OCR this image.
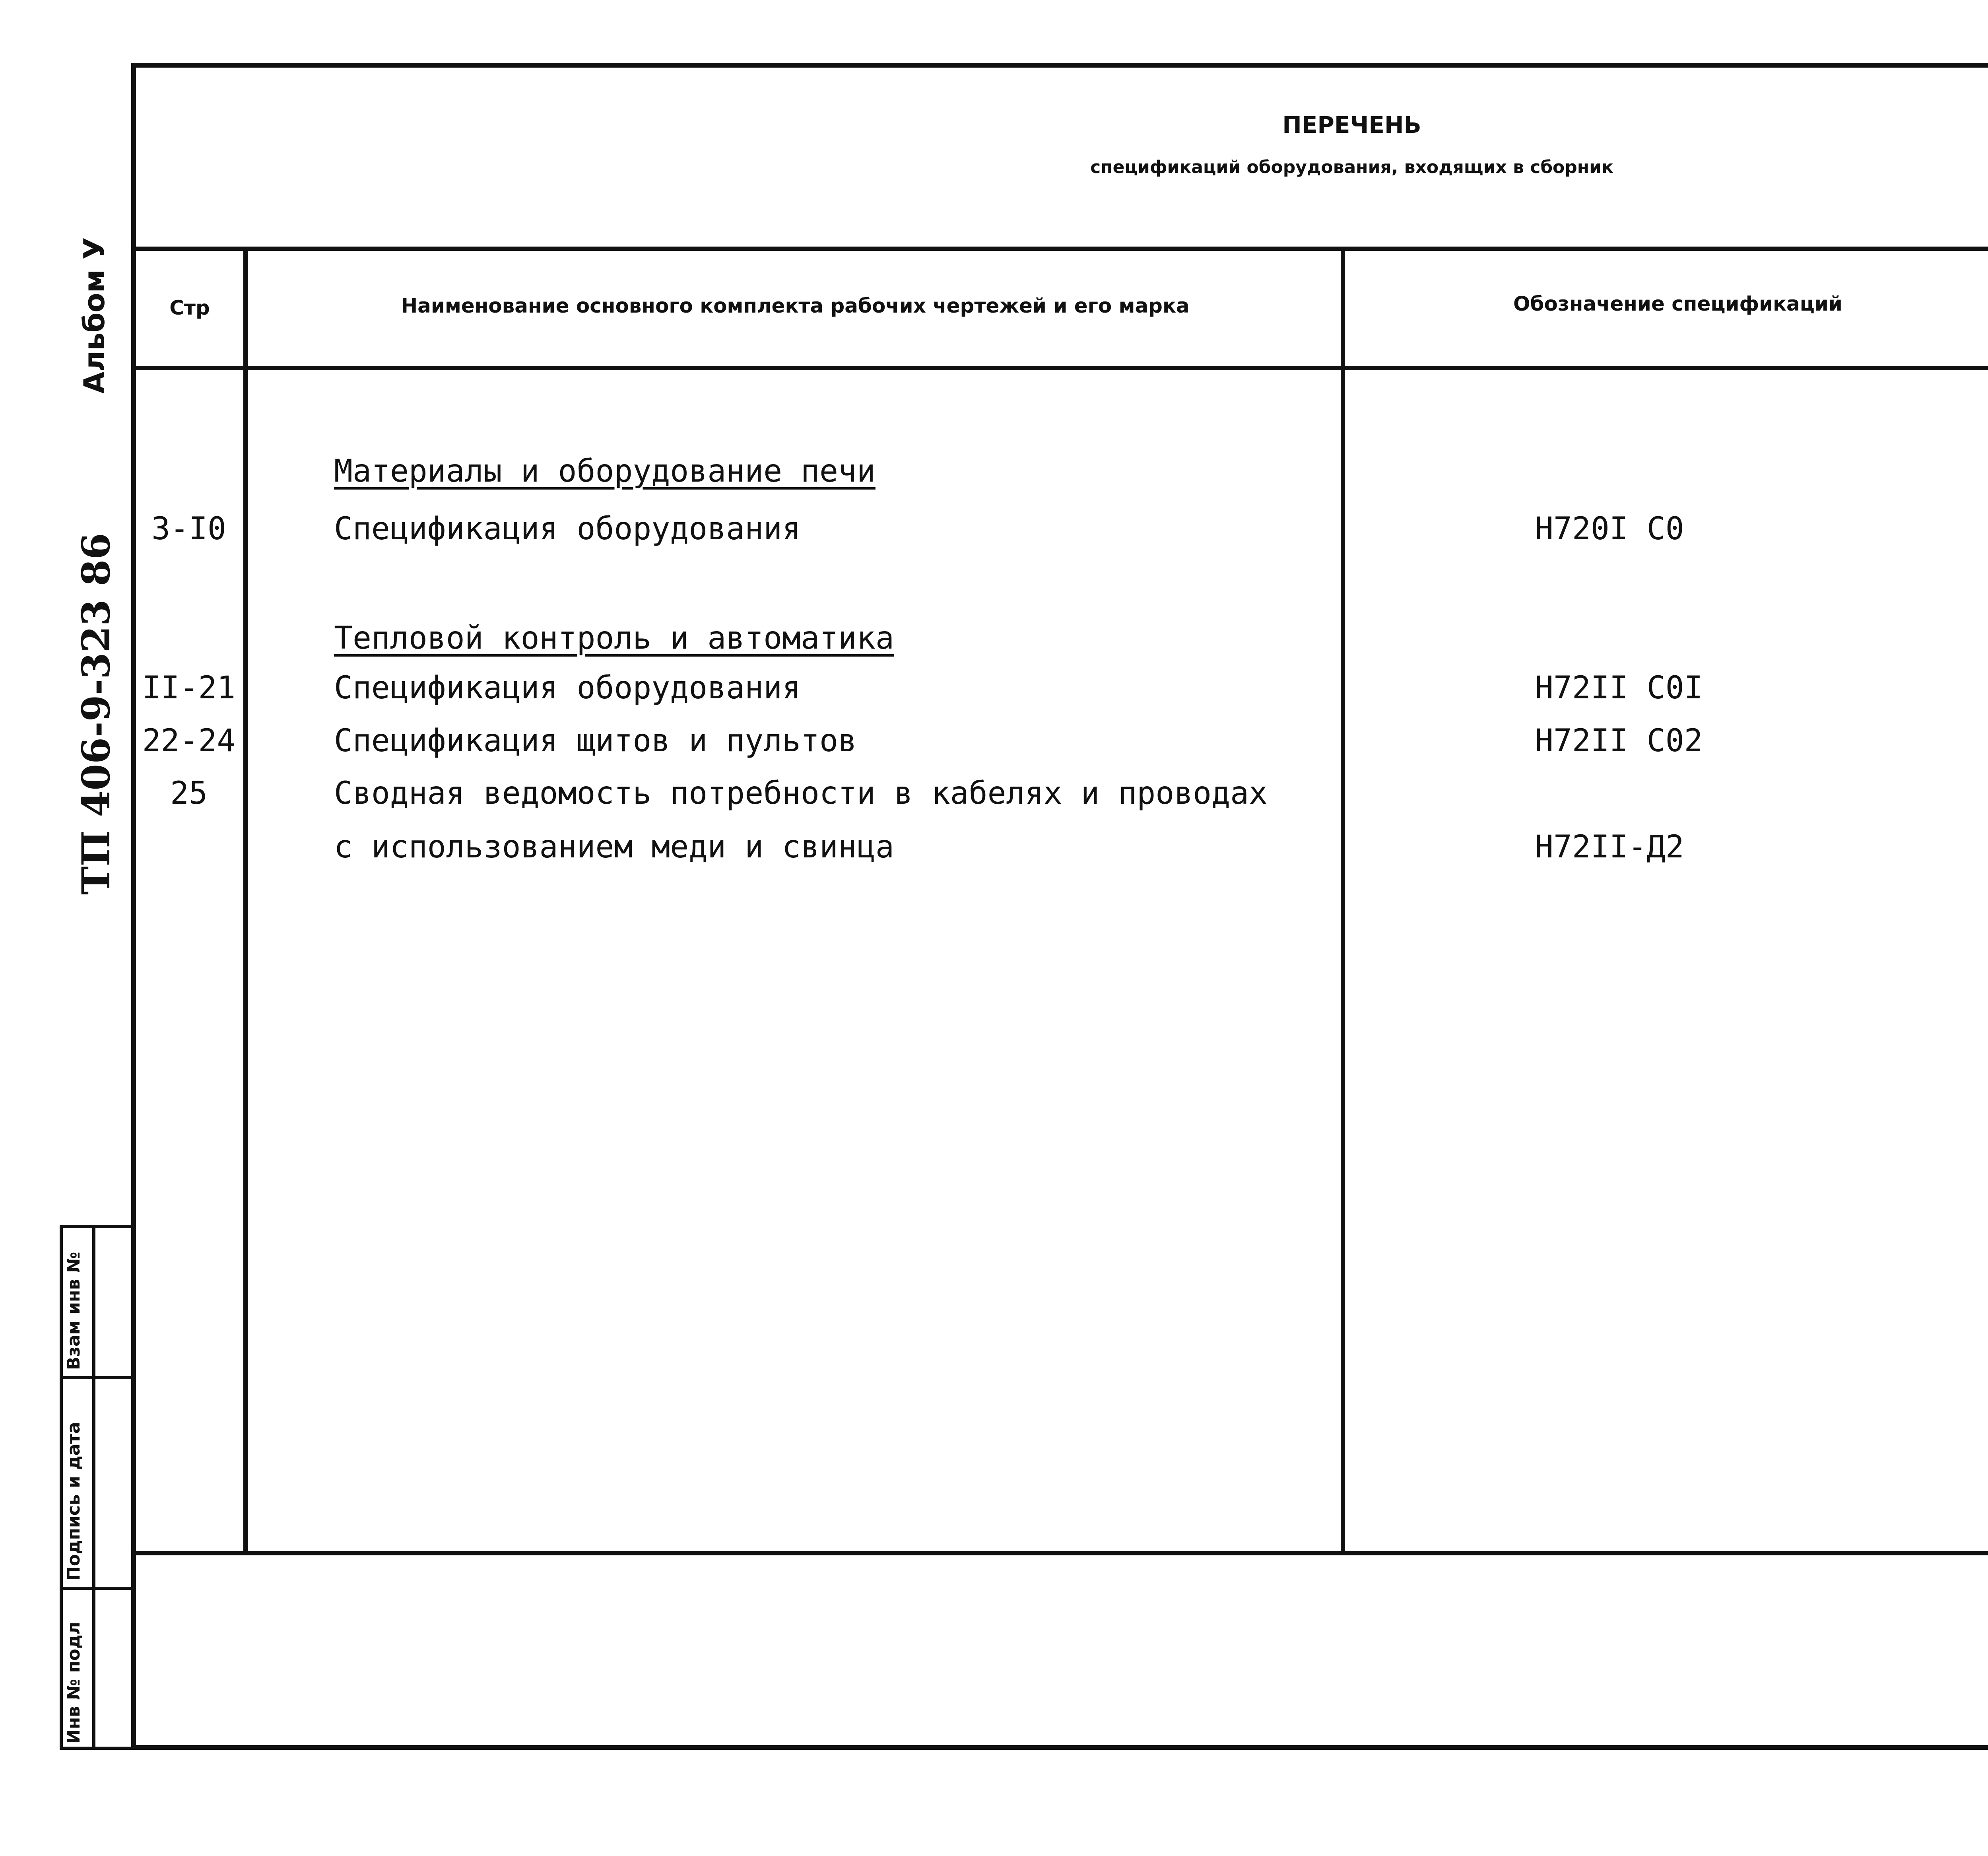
ПЕРЕЧЕНЬ
спецификаций оборудования, входящих в сборник
Стр	Наименование основного комплекта рабочих чертежей и его марка	Обозначение спецификаций
Материалы и оборудование печи
3-I0	Спецификация оборудования	Н720I С0
Тепловой контроль и автоматика
II-21	Спецификация оборудования	Н72II С0I
22-24	Спецификация щитов и пультов	Н72II С02
25	Сводная ведомость потребности в кабелях и проводах
с использованием меди и свинца	Н72II-Д2
Альбом У
ТП 406-9-323 86
Взам инв №
Подпись и дата
Инв № подл
